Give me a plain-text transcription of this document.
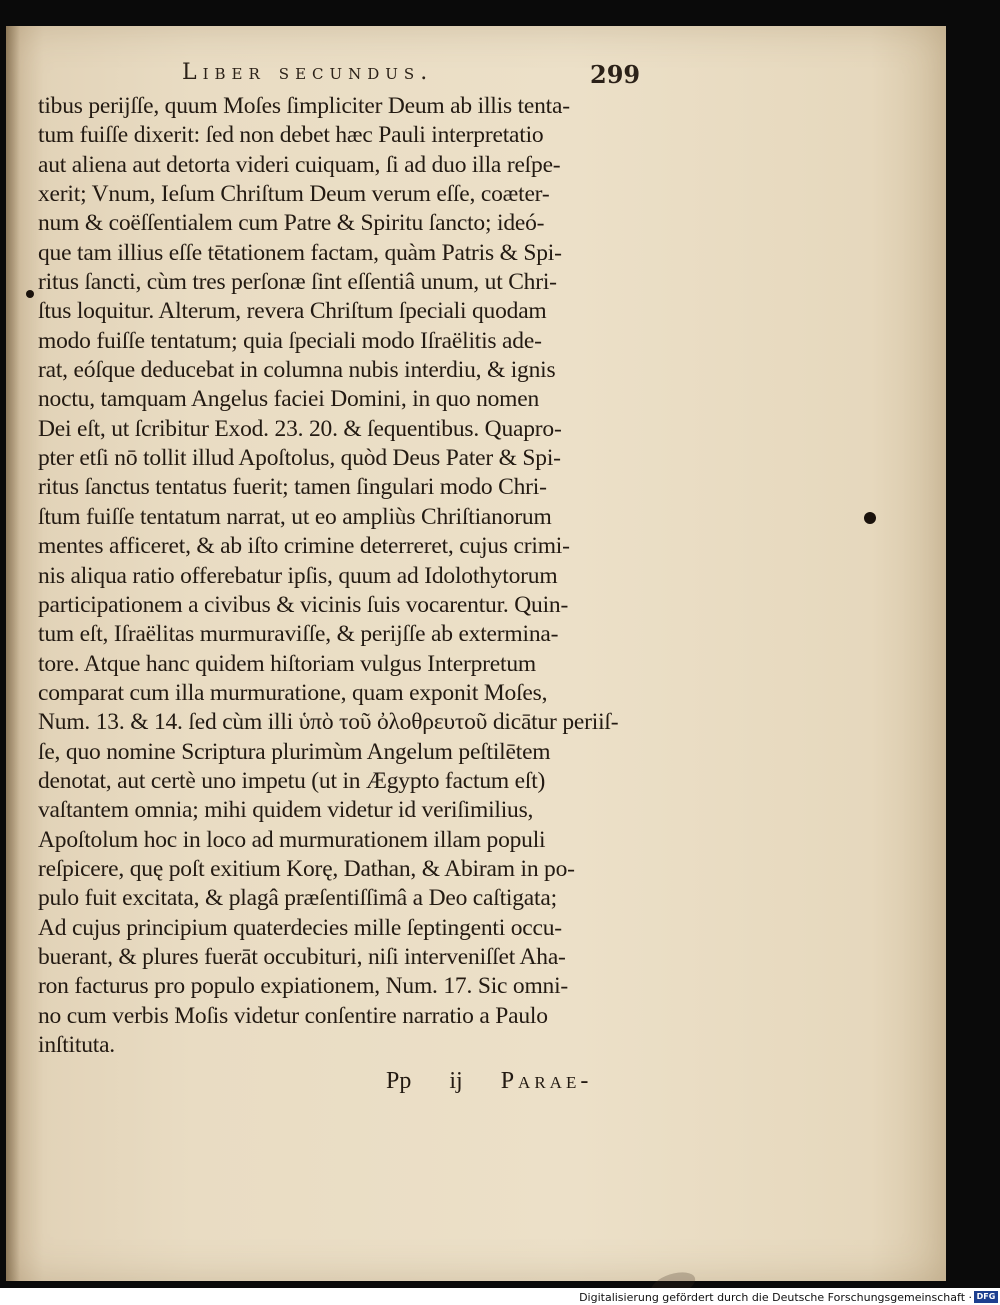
Liber secundus.	299
tibus perijſſe, quum Moſes ſimpliciter Deum ab illis tenta-
tum fuiſſe dixerit: ſed non debet hæc Pauli interpretatio
aut aliena aut detorta videri cuiquam, ſi ad duo illa reſpe-
xerit; Vnum, Ieſum Chriſtum Deum verum eſſe, coæter-
num & coëſſentialem cum Patre & Spiritu ſancto; ideó-
que tam illius eſſe tētationem factam, quàm Patris & Spi-
ritus ſancti, cùm tres perſonæ ſint eſſentiâ unum, ut Chri-
ſtus loquitur. Alterum, revera Chriſtum ſpeciali quodam
modo fuiſſe tentatum; quia ſpeciali modo Iſraëlitis ade-
rat, eóſque deducebat in columna nubis interdiu, & ignis
noctu, tamquam Angelus faciei Domini, in quo nomen
Dei eſt, ut ſcribitur Exod. 23. 20. & ſequentibus. Quapro-
pter etſi nō tollit illud Apoſtolus, quòd Deus Pater & Spi-
ritus ſanctus tentatus fuerit; tamen ſingulari modo Chri-
ſtum fuiſſe tentatum narrat, ut eo ampliùs Chriſtianorum
mentes afficeret, & ab iſto crimine deterreret, cujus crimi-
nis aliqua ratio offerebatur ipſis, quum ad Idolothytorum
participationem a civibus & vicinis ſuis vocarentur. Quin-
tum eſt, Iſraëlitas murmuraviſſe, & perijſſe ab extermina-
tore. Atque hanc quidem hiſtoriam vulgus Interpretum
comparat cum illa murmuratione, quam exponit Moſes,
Num. 13. & 14. ſed cùm illi ὑπὸ τοῦ ὀλοθρευτοῦ dicātur periiſ-
ſe, quo nomine Scriptura plurimùm Angelum peſtilētem
denotat, aut certè uno impetu (ut in Ægypto factum eſt)
vaſtantem omnia; mihi quidem videtur id veriſimilius,
Apoſtolum hoc in loco ad murmurationem illam populi
reſpicere, quę poſt exitium Korę, Dathan, & Abiram in po-
pulo fuit excitata, & plagâ præſentiſſimâ a Deo caſtigata;
Ad cujus principium quaterdecies mille ſeptingenti occu-
buerant, & plures fuerāt occubituri, niſi interveniſſet Aha-
ron facturus pro populo expiationem, Num. 17. Sic omni-
no cum verbis Moſis videtur conſentire narratio a Paulo
inſtituta.
Pp ij Parae-
Digitalisierung gefördert durch die Deutsche Forschungsgemeinschaft · DFG
